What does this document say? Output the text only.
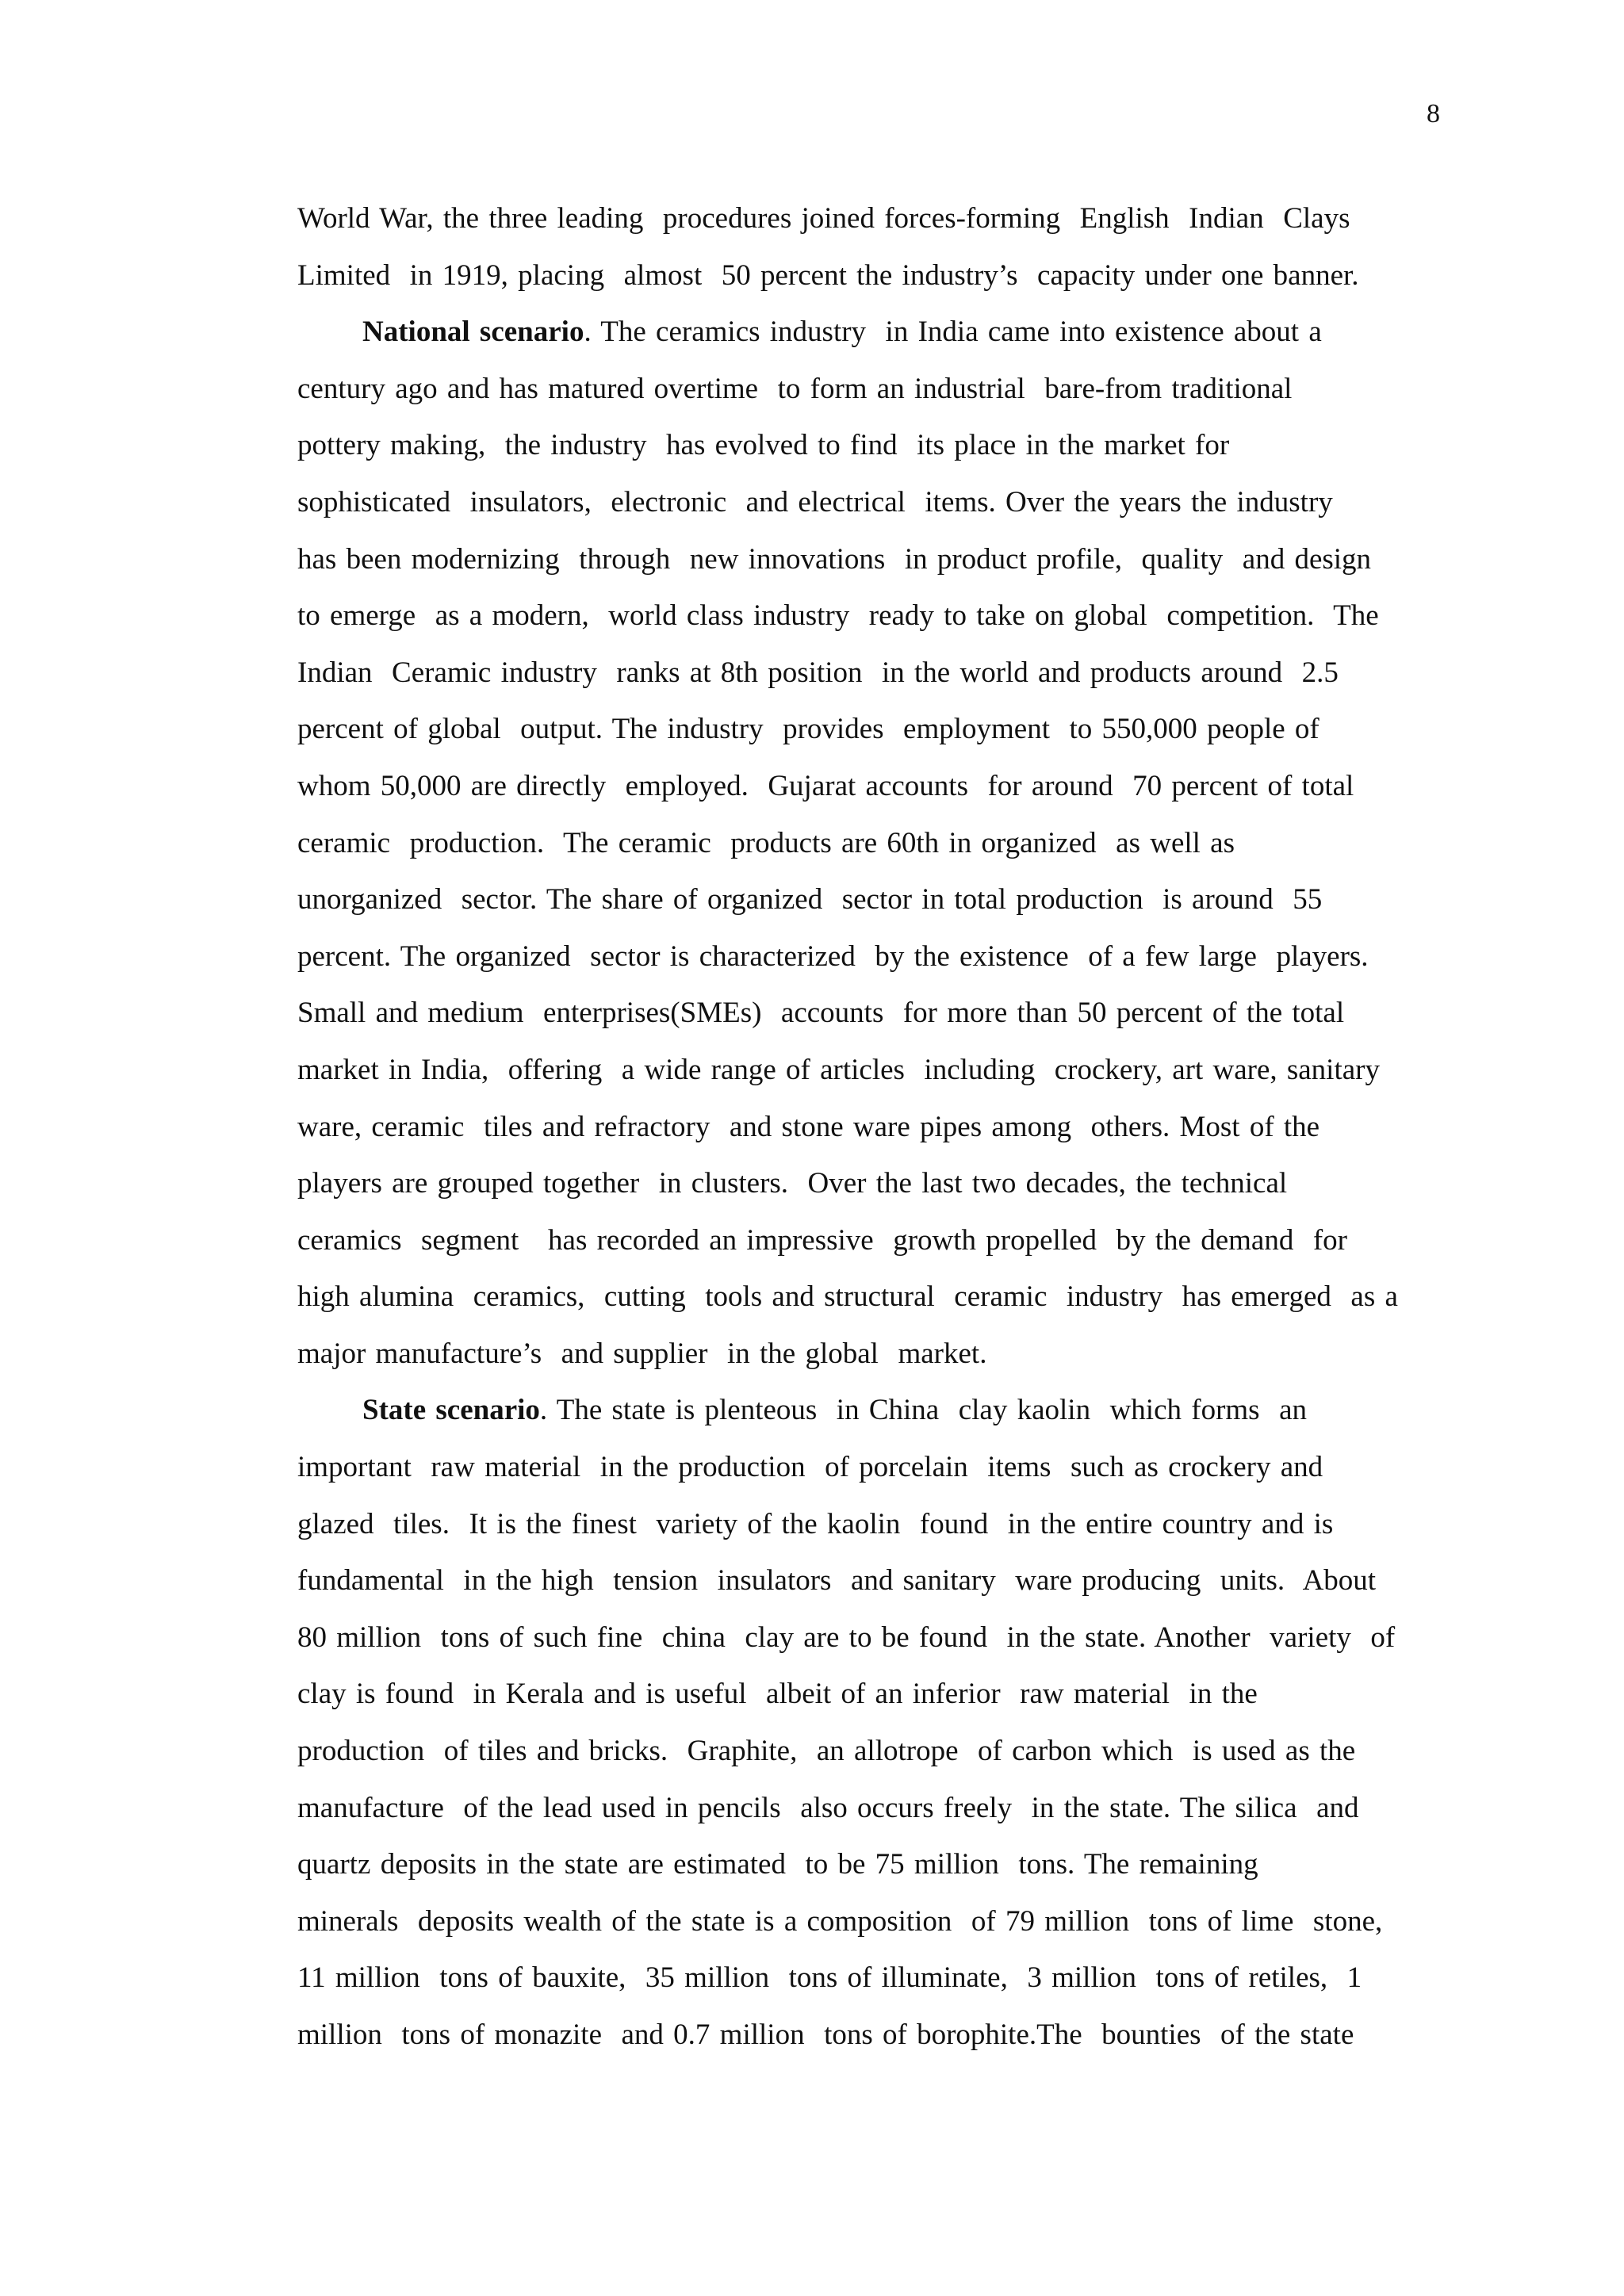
8
World War, the three leading  procedures joined forces-forming  English  Indian  Clays
Limited  in 1919, placing  almost  50 percent the industry’s  capacity under one banner.
National scenario. The ceramics industry  in India came into existence about a
century ago and has matured overtime  to form an industrial  bare-from traditional
pottery making,  the industry  has evolved to find  its place in the market for
sophisticated  insulators,  electronic  and electrical  items. Over the years the industry
has been modernizing  through  new innovations  in product profile,  quality  and design
to emerge  as a modern,  world class industry  ready to take on global  competition.  The
Indian  Ceramic industry  ranks at 8th position  in the world and products around  2.5
percent of global  output. The industry  provides  employment  to 550,000 people of
whom 50,000 are directly  employed.  Gujarat accounts  for around  70 percent of total
ceramic  production.  The ceramic  products are 60th in organized  as well as
unorganized  sector. The share of organized  sector in total production  is around  55
percent. The organized  sector is characterized  by the existence  of a few large  players.
Small and medium  enterprises(SMEs)  accounts  for more than 50 percent of the total
market in India,  offering  a wide range of articles  including  crockery, art ware, sanitary
ware, ceramic  tiles and refractory  and stone ware pipes among  others. Most of the
players are grouped together  in clusters.  Over the last two decades, the technical
ceramics  segment   has recorded an impressive  growth propelled  by the demand  for
high alumina  ceramics,  cutting  tools and structural  ceramic  industry  has emerged  as a
major manufacture’s  and supplier  in the global  market.
State scenario. The state is plenteous  in China  clay kaolin  which forms  an
important  raw material  in the production  of porcelain  items  such as crockery and
glazed  tiles.  It is the finest  variety of the kaolin  found  in the entire country and is
fundamental  in the high  tension  insulators  and sanitary  ware producing  units.  About
80 million  tons of such fine  china  clay are to be found  in the state. Another  variety  of
clay is found  in Kerala and is useful  albeit of an inferior  raw material  in the
production  of tiles and bricks.  Graphite,  an allotrope  of carbon which  is used as the
manufacture  of the lead used in pencils  also occurs freely  in the state. The silica  and
quartz deposits in the state are estimated  to be 75 million  tons. The remaining
minerals  deposits wealth of the state is a composition  of 79 million  tons of lime  stone,
11 million  tons of bauxite,  35 million  tons of illuminate,  3 million  tons of retiles,  1
million  tons of monazite  and 0.7 million  tons of borophite.The  bounties  of the state
